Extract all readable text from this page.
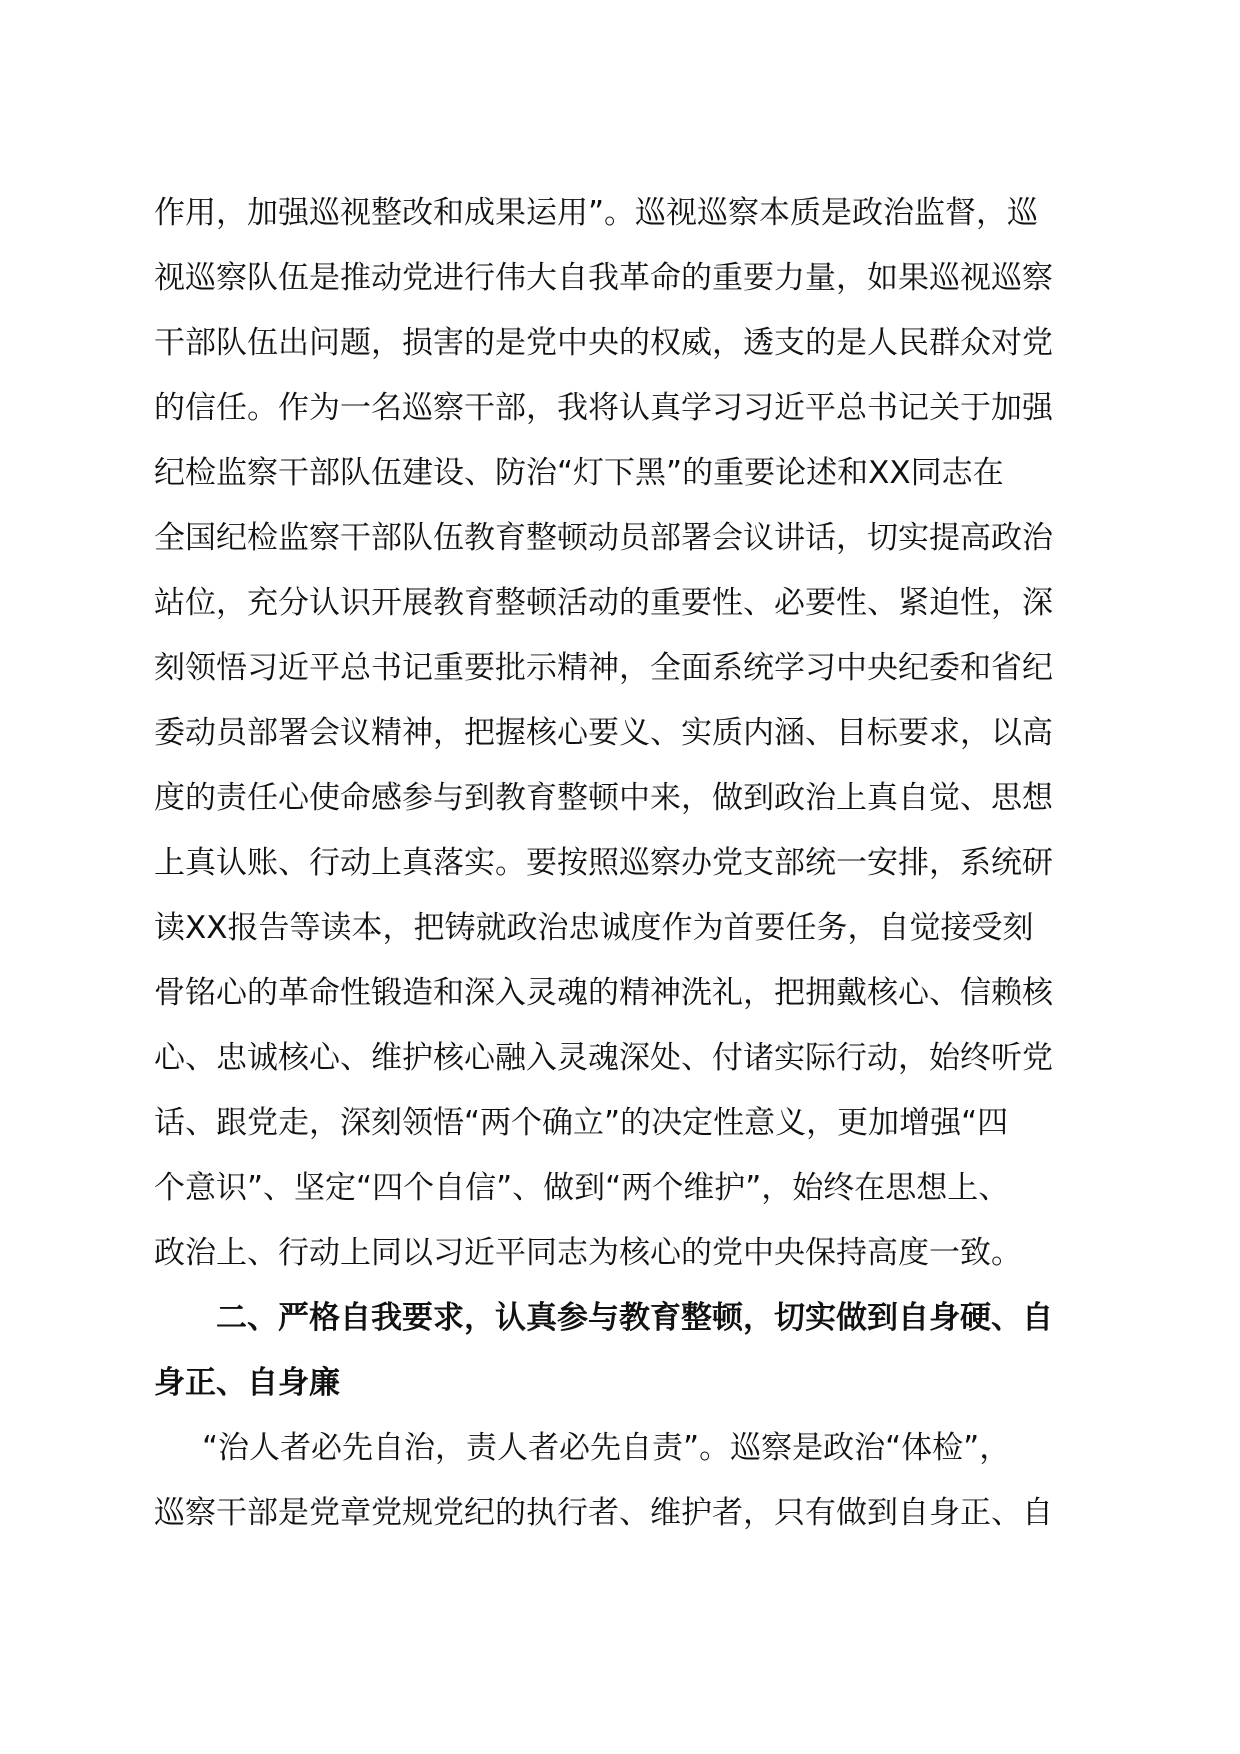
作用，加强巡视整改和成果运用”。巡视巡察本质是政治监督，巡
视巡察队伍是推动党进行伟大自我革命的重要力量，如果巡视巡察
干部队伍出问题，损害的是党中央的权威，透支的是人民群众对党
的信任。作为一名巡察干部，我将认真学习习近平总书记关于加强
纪检监察干部队伍建设、防治“灯下黑”的重要论述和XX同志在
全国纪检监察干部队伍教育整顿动员部署会议讲话，切实提高政治
站位，充分认识开展教育整顿活动的重要性、必要性、紧迫性，深
刻领悟习近平总书记重要批示精神，全面系统学习中央纪委和省纪
委动员部署会议精神，把握核心要义、实质内涵、目标要求，以高
度的责任心使命感参与到教育整顿中来，做到政治上真自觉、思想
上真认账、行动上真落实。要按照巡察办党支部统一安排，系统研
读XX报告等读本，把铸就政治忠诚度作为首要任务，自觉接受刻
骨铭心的革命性锻造和深入灵魂的精神洗礼，把拥戴核心、信赖核
心、忠诚核心、维护核心融入灵魂深处、付诸实际行动，始终听党
话、跟党走，深刻领悟“两个确立”的决定性意义，更加增强“四
个意识”、坚定“四个自信”、做到“两个维护”，始终在思想上、
政治上、行动上同以习近平同志为核心的党中央保持高度一致。
二、严格自我要求，认真参与教育整顿，切实做到自身硬、自
身正、自身廉
“治人者必先自治，责人者必先自责”。巡察是政治“体检”，
巡察干部是党章党规党纪的执行者、维护者，只有做到自身正、自
